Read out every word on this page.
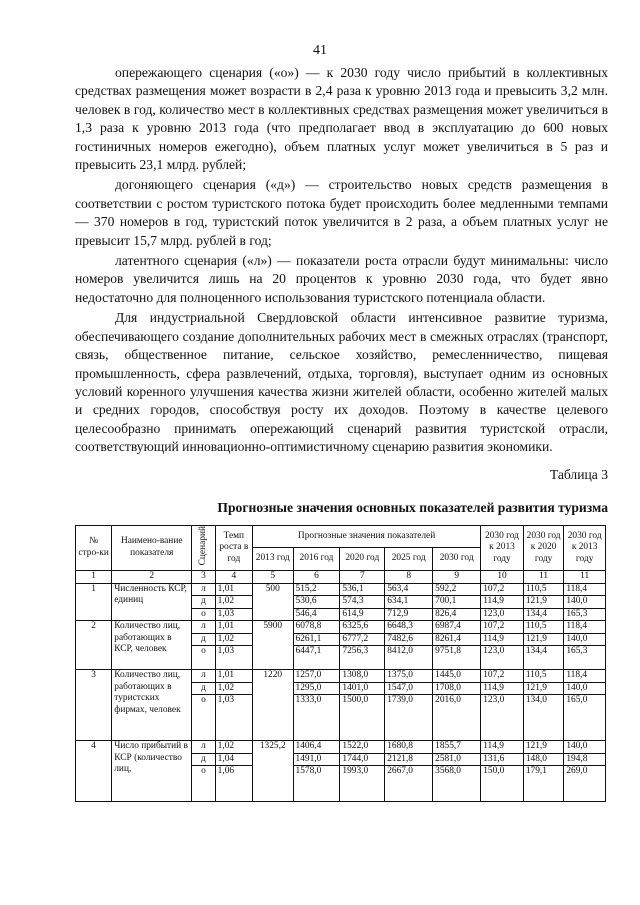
41

опережающего сценария («о») — к 2030 году число прибытий в коллективных средствах размещения может возрасти в 2,4 раза к уровню 2013 года и превысить 3,2 млн. человек в год, количество мест в коллективных средствах размещения может увеличиться в 1,3 раза к уровню 2013 года (что предполагает ввод в эксплуатацию до 600 новых гостиничных номеров ежегодно), объем платных услуг может увеличиться в 5 раз и превысить 23,1 млрд. рублей;

догоняющего сценария («д») — строительство новых средств размещения в соответствии с ростом туристского потока будет происходить более медленными темпами — 370 номеров в год, туристский поток увеличится в 2 раза, а объем платных услуг не превысит 15,7 млрд. рублей в год;

латентного сценария («л») — показатели роста отрасли будут минимальны: число номеров увеличится лишь на 20 процентов к уровню 2030 года, что будет явно недостаточно для полноценного использования туристского потенциала области.

Для индустриальной Свердловской области интенсивное развитие туризма, обеспечивающего создание дополнительных рабочих мест в смежных отраслях (транспорт, связь, общественное питание, сельское хозяйство, ремесленничество, пищевая промышленность, сфера развлечений, отдыха, торговля), выступает одним из основных условий коренного улучшения качества жизни жителей области, особенно жителей малых и средних городов, способствуя росту их доходов. Поэтому в качестве целевого целесообразно принимать опережающий сценарий развития туристской отрасли, соответствующий инновационно-оптимистичному сценарию развития экономики.

Таблица 3
Прогнозные значения основных показателей развития туризма
№ стро-ки	Наимено-вание показателя	Сценарий	Темп роста в год	Прогнозные значения показателей					2030 год к 2013 году	2030 год к 2020 году	2030 год к 2013 году
				2013 год	2016 год	2020 год	2025 год	2030 год			
1	2	3	4	5	6	7	8	9	10	11	11
1	Численность КСР, единиц	л	1,01	500	515,2	536,1	563,4	592,2	107,2	110,5	118,4
		д	1,02		530,6	574,3	634,1	700,1	114,9	121,9	140,0
		о	1,03		546,4	614,9	712,9	826,4	123,0	134,4	165,3
2	Количество лиц, работающих в КСР, человек	л	1,01	5900	6078,8	6325,6	6648,3	6987,4	107,2	110,5	118,4
		д	1,02		6261,1	6777,2	7482,6	8261,4	114,9	121,9	140,0
		о	1,03		6447,1	7256,3	8412,0	9751,8	123,0	134,4	165,3
3	Количество лиц, работающих в туристских фирмах, человек	л	1,01	1220	1257,0	1308,0	1375,0	1445,0	107,2	110,5	118,4
		д	1,02		1295,0	1401,0	1547,0	1708,0	114,9	121,9	140,0
		о	1,03		1333,0	1500,0	1739,0	2016,0	123,0	134,0	165,0
4	Число прибытий в КСР (количество лиц,	л	1,02	1325,2	1406,4	1522,0	1680,8	1855,7	114,9	121,9	140,0
		д	1,04		1491,0	1744,0	2121,8	2581,0	131,6	148,0	194,8
		о	1,06		1578,0	1993,0	2667,0	3568,0	150,0	179,1	269,0
